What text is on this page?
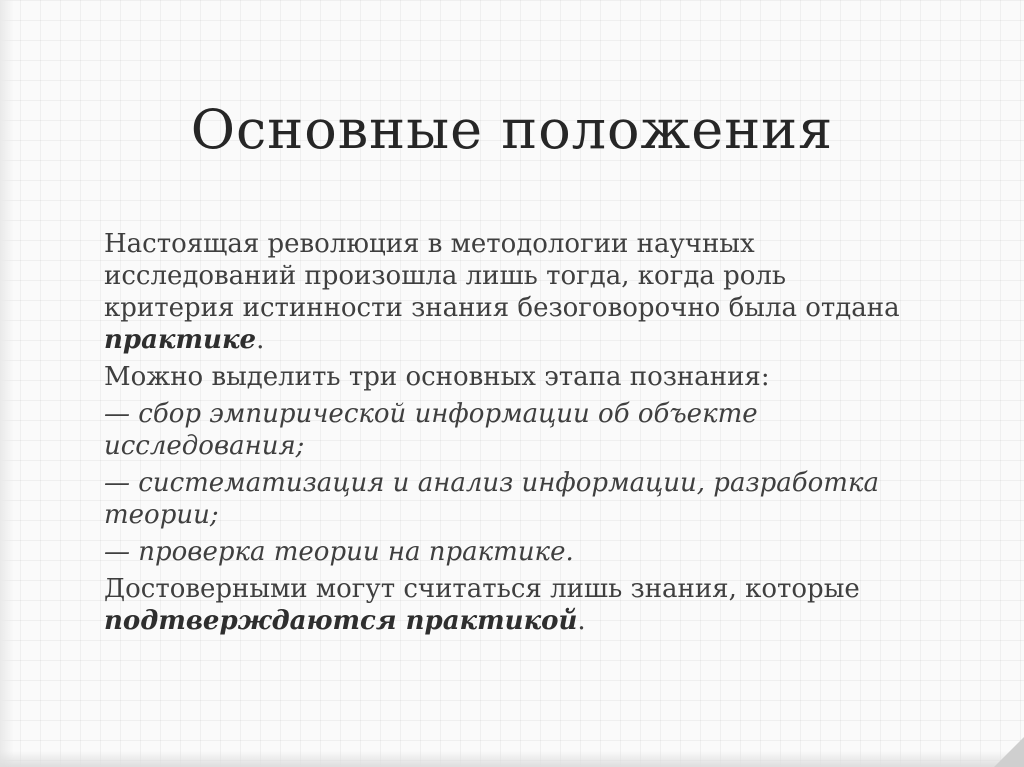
Основные положения

Настоящая революция в методологии научных исследований произошла лишь тогда, когда роль критерия истинности знания безоговорочно была отдана практике.

Можно выделить три основных этапа познания:

— сбор эмпирической информации об объекте исследования;

— систематизация и анализ информации, разработка теории;

— проверка теории на практике.

Достоверными могут считаться лишь знания, которые подтверждаются практикой.
